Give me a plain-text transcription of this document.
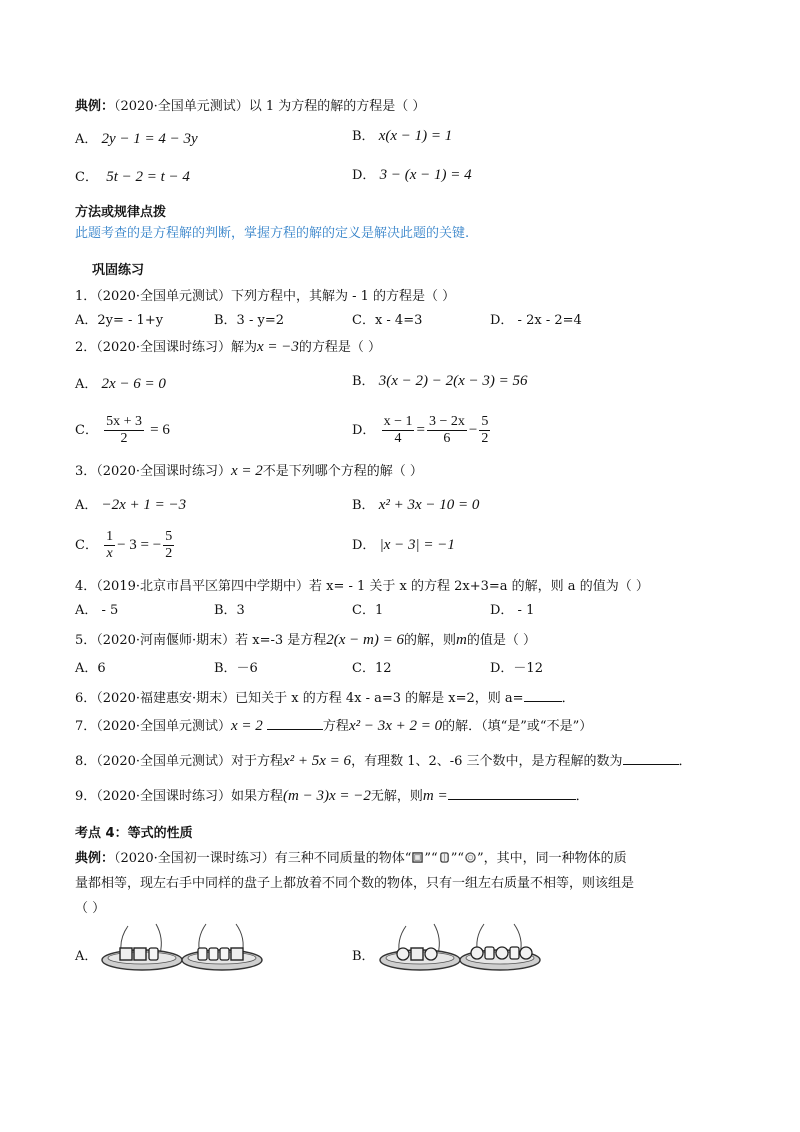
典例：（2020·全国单元测试）以 1 为方程的解的方程是（ ）
A． 2y − 1 = 4 − 3y	B． x(x − 1) = 1
C． 5t − 2 = t − 4	D． 3 − (x − 1) = 4
方法或规律点拨
此题考查的是方程解的判断，掌握方程的解的定义是解决此题的关键.
巩固练习
1．（2020·全国单元测试）下列方程中，其解为 - 1 的方程是（ ）
A．2y= - 1+y	B．3 - y=2	C．x - 4=3	D． - 2x - 2=4
2．（2020·全国课时练习）解为x = −3的方程是（ ）
A． 2x − 6 = 0	B． 3(x − 2) − 2(x − 3) = 56
C． $\frac{5x + 3}{2} = 6$	D． $\frac{x - 1}{4} = \frac{3 - 2x}{6} - \frac{5}{2}$
3．（2020·全国课时练习）x = 2不是下列哪个方程的解（ ）
A． −2x + 1 = −3	B． x² + 3x − 10 = 0
C． $\frac{1}{x} - 3$ = − $\frac{5}{2}$	D． |x − 3| = −1
4．（2019·北京市昌平区第四中学期中）若 x= - 1 关于 x 的方程 2x+3=a 的解，则 a 的值为（ ）
A． - 5	B．3	C．1	D． - 1
5．（2020·河南偃师·期末）若 x=-3 是方程2(x − m) = 6的解，则m的值是（ ）
A．6	B．－6	C．12	D．－12
6．（2020·福建惠安·期末）已知关于 x 的方程 4x - a=3 的解是 x=2，则 a=	．
7．（2020·全国单元测试）x = 2	方程x² − 3x + 2 = 0的解．（填“是”或“不是”）
8．（2020·全国单元测试）对于方程x² + 5x = 6，有理数 1、2、-6 三个数中，是方程解的数为	．
9．（2020·全国课时练习）如果方程(m − 3)x = −2无解，则m =	．
考点 4：等式的性质
典例：（2020·全国初一课时练习）有三种不同质量的物体“ ”“ ”“ ”，其中，同一种物体的质
量都相等，现左右手中同样的盘子上都放着不同个数的物体，只有一组左右质量不相等，则该组是
（ ）
A．	B．
